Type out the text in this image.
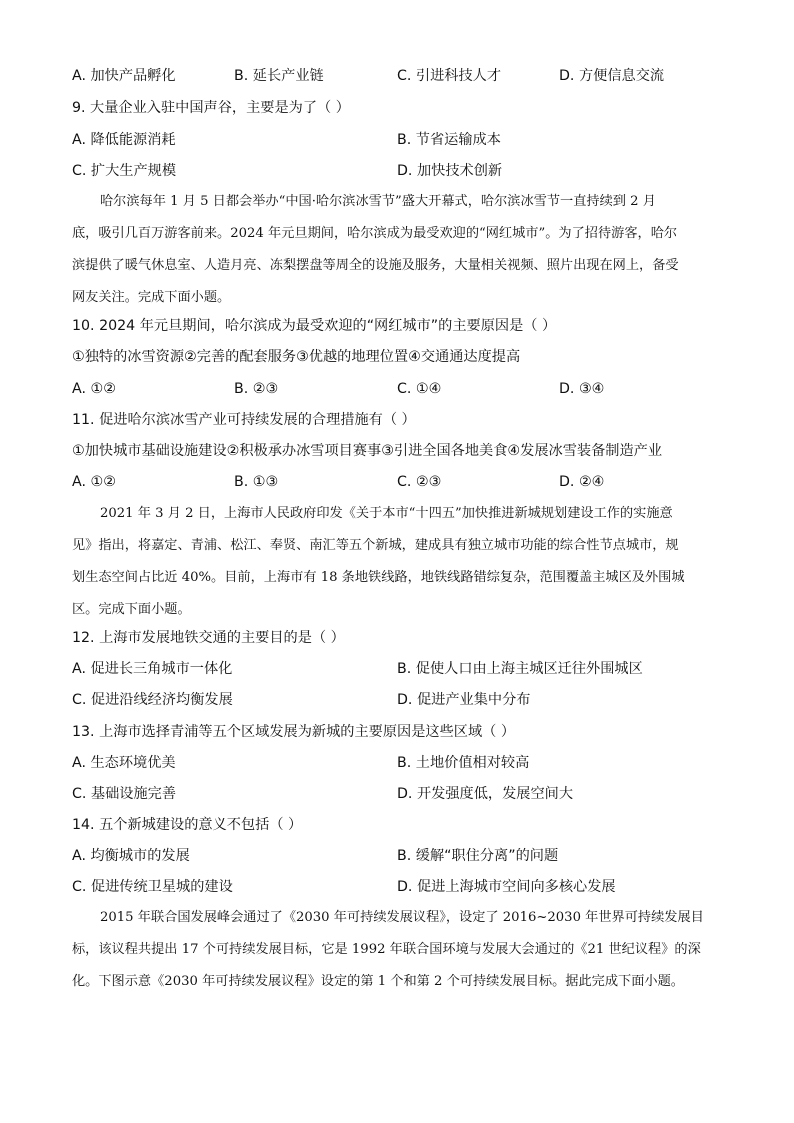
A. 加快产品孵化	B. 延长产业链	C. 引进科技人才	D. 方便信息交流
9. 大量企业入驻中国声谷，主要是为了（ ）
A. 降低能源消耗	B. 节省运输成本
C. 扩大生产规模	D. 加快技术创新

哈尔滨每年 1 月 5 日都会举办“中国·哈尔滨冰雪节”盛大开幕式，哈尔滨冰雪节一直持续到 2 月

底，吸引几百万游客前来。2024 年元旦期间，哈尔滨成为最受欢迎的“网红城市”。为了招待游客，哈尔

滨提供了暖气休息室、人造月亮、冻梨摆盘等周全的设施及服务，大量相关视频、照片出现在网上，备受

网友关注。完成下面小题。

10. 2024 年元旦期间，哈尔滨成为最受欢迎的“网红城市”的主要原因是（ ）
①独特的冰雪资源②完善的配套服务③优越的地理位置④交通通达度提高
A. ①②	B. ②③	C. ①④	D. ③④
11. 促进哈尔滨冰雪产业可持续发展的合理措施有（ ）
①加快城市基础设施建设②积极承办冰雪项目赛事③引进全国各地美食④发展冰雪装备制造产业
A. ①②	B. ①③	C. ②③	D. ②④

2021 年 3 月 2 日，上海市人民政府印发《关于本市“十四五”加快推进新城规划建设工作的实施意

见》指出，将嘉定、青浦、松江、奉贤、南汇等五个新城，建成具有独立城市功能的综合性节点城市，规

划生态空间占比近 40%。目前，上海市有 18 条地铁线路，地铁线路错综复杂，范围覆盖主城区及外围城

区。完成下面小题。

12. 上海市发展地铁交通的主要目的是（ ）
A. 促进长三角城市一体化	B. 促使人口由上海主城区迁往外围城区
C. 促进沿线经济均衡发展	D. 促进产业集中分布
13. 上海市选择青浦等五个区域发展为新城的主要原因是这些区域（ ）
A. 生态环境优美	B. 土地价值相对较高
C. 基础设施完善	D. 开发强度低，发展空间大
14. 五个新城建设的意义不包括（ ）
A. 均衡城市的发展	B. 缓解“职住分离”的问题
C. 促进传统卫星城的建设	D. 促进上海城市空间向多核心发展

2015 年联合国发展峰会通过了《2030 年可持续发展议程》，设定了 2016~2030 年世界可持续发展目

标，该议程共提出 17 个可持续发展目标，它是 1992 年联合国环境与发展大会通过的《21 世纪议程》的深

化。下图示意《2030 年可持续发展议程》设定的第 1 个和第 2 个可持续发展目标。据此完成下面小题。
